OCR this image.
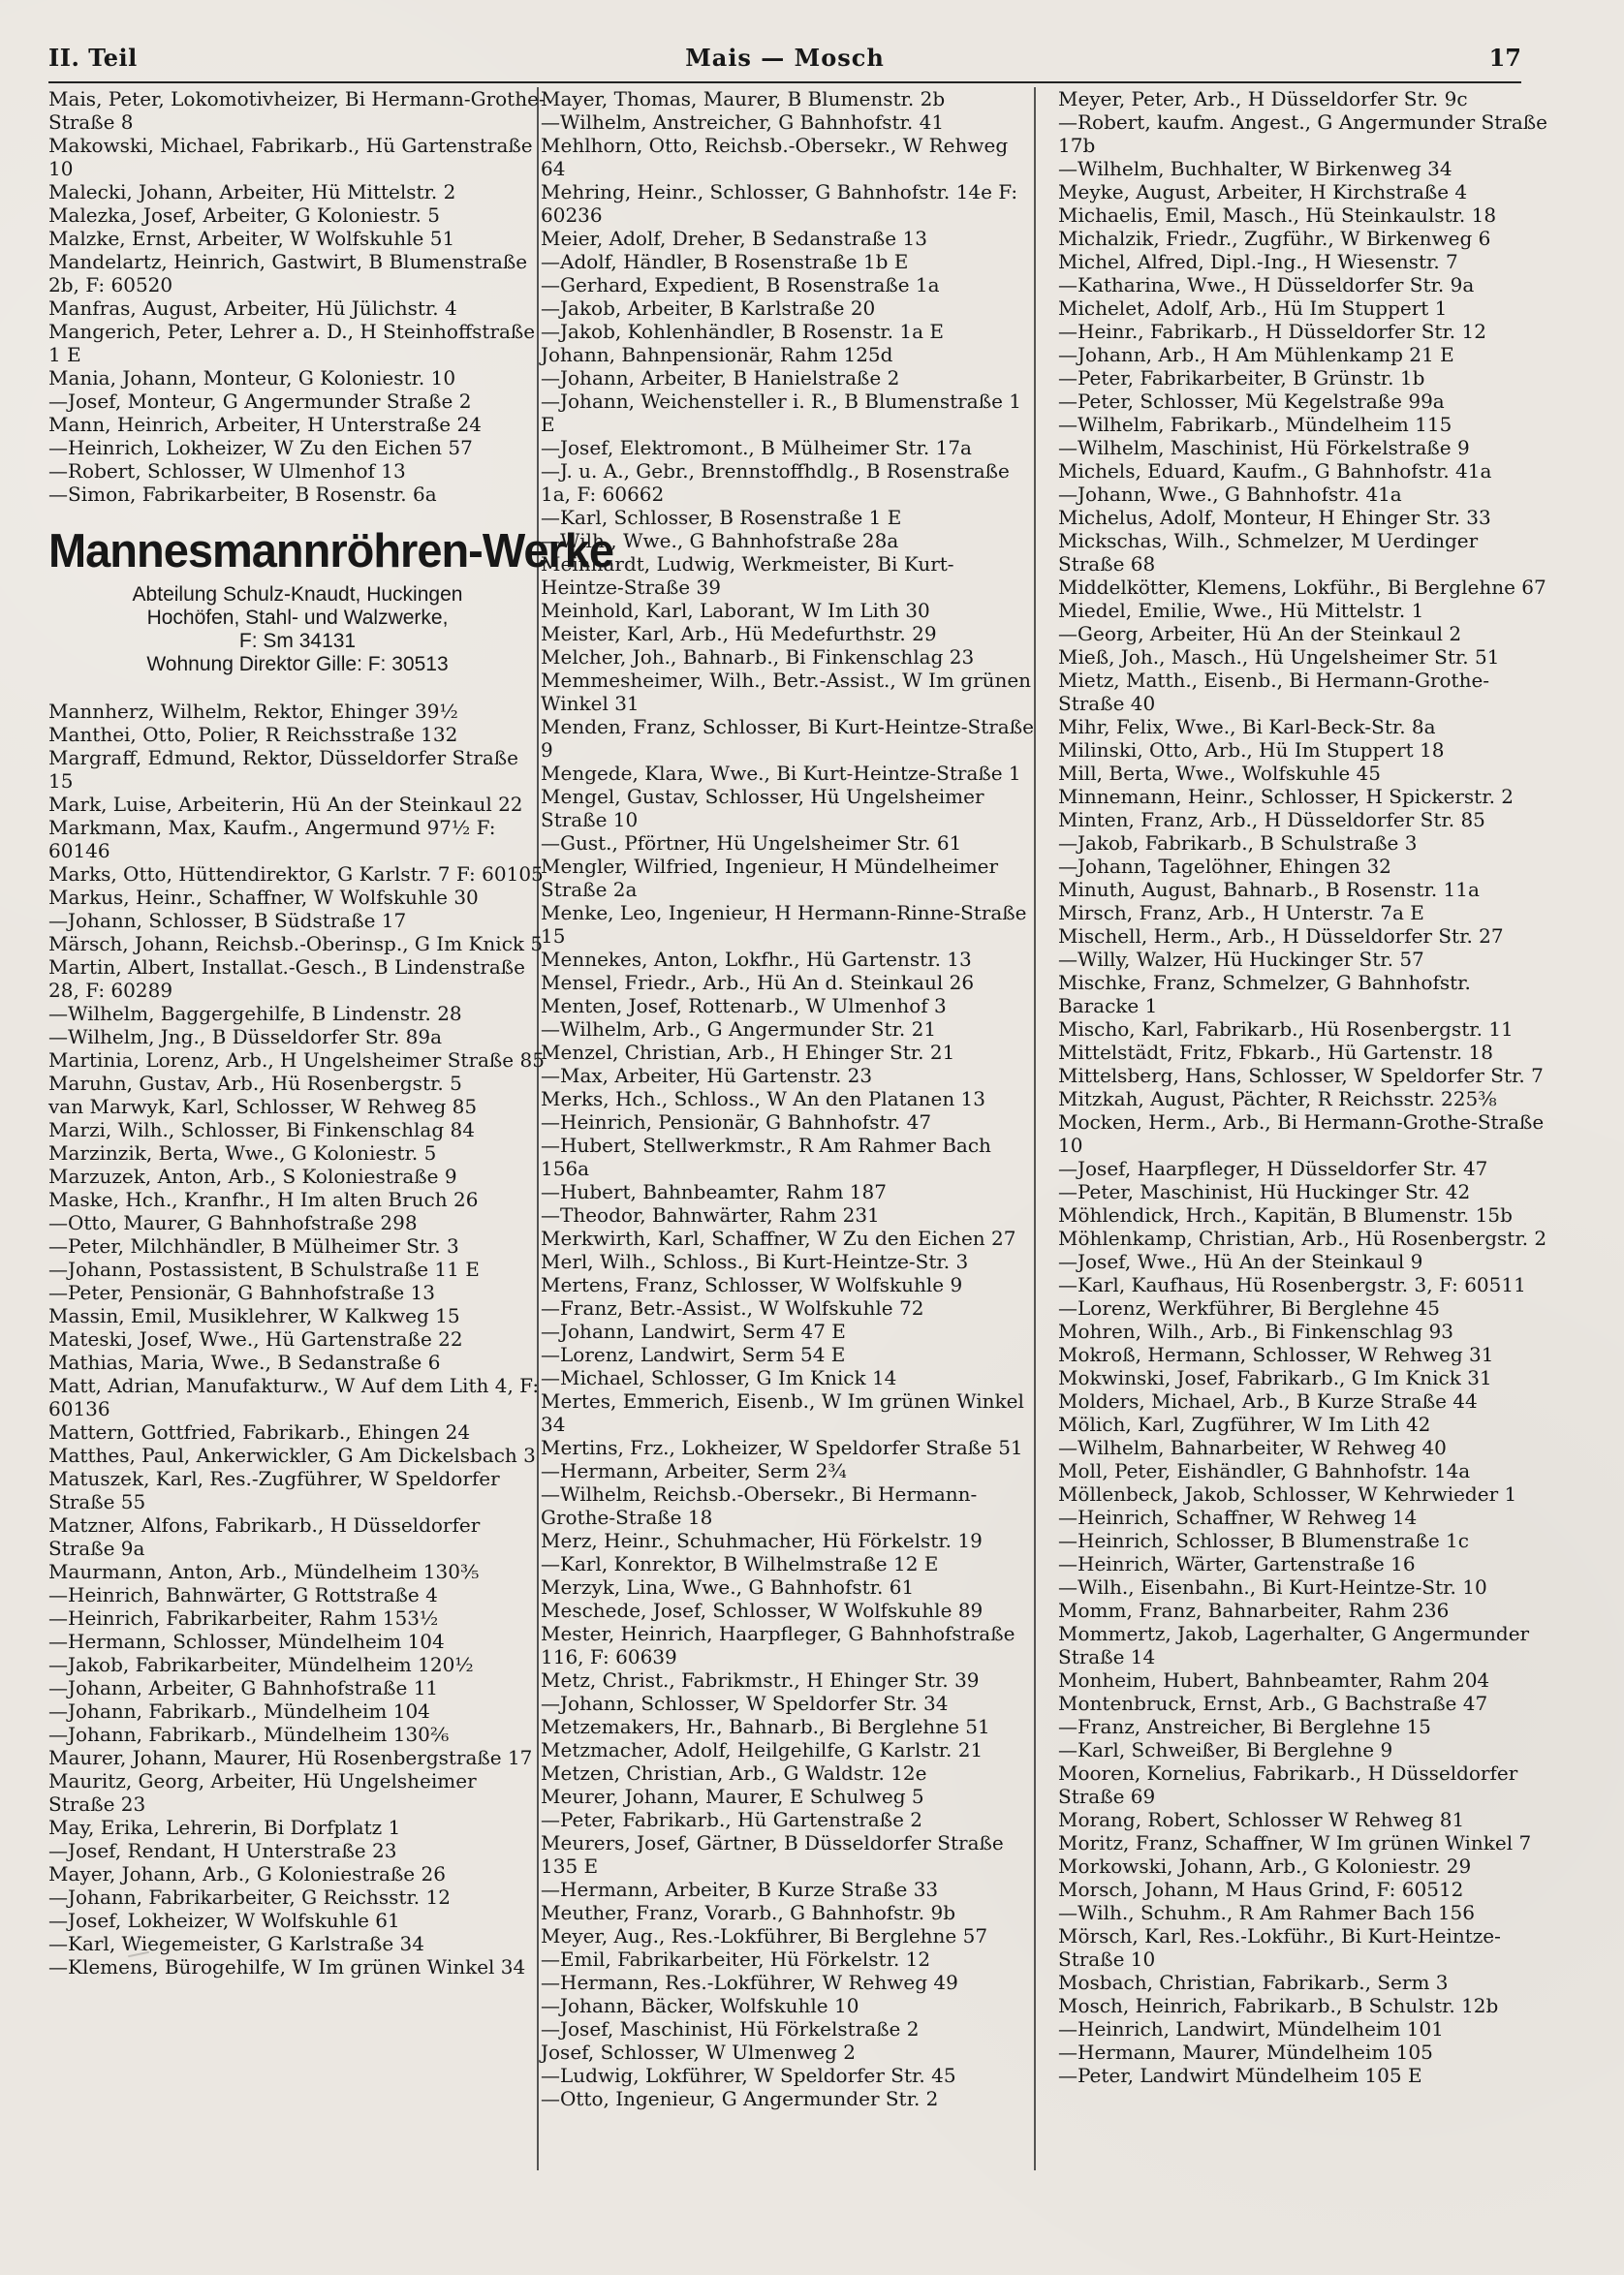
II. Teil	Mais — Mosch	17

Mais, Peter, Lokomotivheizer, Bi Hermann-Grothe-Straße 8

Makowski, Michael, Fabrikarb., Hü Gartenstraße 10

Malecki, Johann, Arbeiter, Hü Mittelstr. 2

Malezka, Josef, Arbeiter, G Koloniestr. 5

Malzke, Ernst, Arbeiter, W Wolfskuhle 51

Mandelartz, Heinrich, Gastwirt, B Blumenstraße 2b, F: 60520

Manfras, August, Arbeiter, Hü Jülichstr. 4

Mangerich, Peter, Lehrer a. D., H Steinhoffstraße 1 E

Mania, Johann, Monteur, G Koloniestr. 10

—Josef, Monteur, G Angermunder Straße 2

Mann, Heinrich, Arbeiter, H Unterstraße 24

—Heinrich, Lokheizer, W Zu den Eichen 57

—Robert, Schlosser, W Ulmenhof 13

—Simon, Fabrikarbeiter, B Rosenstr. 6a

Mannesmannröhren-Werke
Abteilung Schulz-Knaudt, Huckingen
Hochöfen, Stahl- und Walzwerke,
F: Sm 34131
Wohnung Direktor Gille: F: 30513

Mannherz, Wilhelm, Rektor, Ehinger 39½

Manthei, Otto, Polier, R Reichsstraße 132

Margraff, Edmund, Rektor, Düsseldorfer Straße 15

Mark, Luise, Arbeiterin, Hü An der Steinkaul 22

Markmann, Max, Kaufm., Angermund 97½ F: 60146

Marks, Otto, Hüttendirektor, G Karlstr. 7 F: 60105

Markus, Heinr., Schaffner, W Wolfskuhle 30

—Johann, Schlosser, B Südstraße 17

Märsch, Johann, Reichsb.-Oberinsp., G Im Knick 5

Martin, Albert, Installat.-Gesch., B Lindenstraße 28, F: 60289

—Wilhelm, Baggergehilfe, B Lindenstr. 28

—Wilhelm, Jng., B Düsseldorfer Str. 89a

Martinia, Lorenz, Arb., H Ungelsheimer Straße 85

Maruhn, Gustav, Arb., Hü Rosenbergstr. 5

van Marwyk, Karl, Schlosser, W Rehweg 85

Marzi, Wilh., Schlosser, Bi Finkenschlag 84

Marzinzik, Berta, Wwe., G Koloniestr. 5

Marzuzek, Anton, Arb., S Koloniestraße 9

Maske, Hch., Kranfhr., H Im alten Bruch 26

—Otto, Maurer, G Bahnhofstraße 298

—Peter, Milchhändler, B Mülheimer Str. 3

—Johann, Postassistent, B Schulstraße 11 E

—Peter, Pensionär, G Bahnhofstraße 13

Massin, Emil, Musiklehrer, W Kalkweg 15

Mateski, Josef, Wwe., Hü Gartenstraße 22

Mathias, Maria, Wwe., B Sedanstraße 6

Matt, Adrian, Manufakturw., W Auf dem Lith 4, F: 60136

Mattern, Gottfried, Fabrikarb., Ehingen 24

Matthes, Paul, Ankerwickler, G Am Dickelsbach 3

Matuszek, Karl, Res.-Zugführer, W Speldorfer Straße 55

Matzner, Alfons, Fabrikarb., H Düsseldorfer Straße 9a

Maurmann, Anton, Arb., Mündelheim 130³⁄₅

—Heinrich, Bahnwärter, G Rottstraße 4

—Heinrich, Fabrikarbeiter, Rahm 153½

—Hermann, Schlosser, Mündelheim 104

—Jakob, Fabrikarbeiter, Mündelheim 120½

—Johann, Arbeiter, G Bahnhofstraße 11

—Johann, Fabrikarb., Mündelheim 104

—Johann, Fabrikarb., Mündelheim 130²⁄₆

Maurer, Johann, Maurer, Hü Rosenbergstraße 17

Mauritz, Georg, Arbeiter, Hü Ungelsheimer Straße 23

May, Erika, Lehrerin, Bi Dorfplatz 1

—Josef, Rendant, H Unterstraße 23

Mayer, Johann, Arb., G Koloniestraße 26

—Johann, Fabrikarbeiter, G Reichsstr. 12

—Josef, Lokheizer, W Wolfskuhle 61

—Karl, Wiegemeister, G Karlstraße 34

—Klemens, Bürogehilfe, W Im grünen Winkel 34

Mayer, Thomas, Maurer, B Blumenstr. 2b

—Wilhelm, Anstreicher, G Bahnhofstr. 41

Mehlhorn, Otto, Reichsb.-Obersekr., W Rehweg 64

Mehring, Heinr., Schlosser, G Bahnhofstr. 14e F: 60236

Meier, Adolf, Dreher, B Sedanstraße 13

—Adolf, Händler, B Rosenstraße 1b E

—Gerhard, Expedient, B Rosenstraße 1a

—Jakob, Arbeiter, B Karlstraße 20

—Jakob, Kohlenhändler, B Rosenstr. 1a E

Johann, Bahnpensionär, Rahm 125d

—Johann, Arbeiter, B Hanielstraße 2

—Johann, Weichensteller i. R., B Blumenstraße 1 E

—Josef, Elektromont., B Mülheimer Str. 17a

—J. u. A., Gebr., Brennstoffhdlg., B Rosenstraße 1a, F: 60662

—Karl, Schlosser, B Rosenstraße 1 E

—Wilh., Wwe., G Bahnhofstraße 28a

Meinhardt, Ludwig, Werkmeister, Bi Kurt-Heintze-Straße 39

Meinhold, Karl, Laborant, W Im Lith 30

Meister, Karl, Arb., Hü Medefurthstr. 29

Melcher, Joh., Bahnarb., Bi Finkenschlag 23

Memmesheimer, Wilh., Betr.-Assist., W Im grünen Winkel 31

Menden, Franz, Schlosser, Bi Kurt-Heintze-Straße 9

Mengede, Klara, Wwe., Bi Kurt-Heintze-Straße 1

Mengel, Gustav, Schlosser, Hü Ungelsheimer Straße 10

—Gust., Pförtner, Hü Ungelsheimer Str. 61

Mengler, Wilfried, Ingenieur, H Mündelheimer Straße 2a

Menke, Leo, Ingenieur, H Hermann-Rinne-Straße 15

Mennekes, Anton, Lokfhr., Hü Gartenstr. 13

Mensel, Friedr., Arb., Hü An d. Steinkaul 26

Menten, Josef, Rottenarb., W Ulmenhof 3

—Wilhelm, Arb., G Angermunder Str. 21

Menzel, Christian, Arb., H Ehinger Str. 21

—Max, Arbeiter, Hü Gartenstr. 23

Merks, Hch., Schloss., W An den Platanen 13

—Heinrich, Pensionär, G Bahnhofstr. 47

—Hubert, Stellwerkmstr., R Am Rahmer Bach 156a

—Hubert, Bahnbeamter, Rahm 187

—Theodor, Bahnwärter, Rahm 231

Merkwirth, Karl, Schaffner, W Zu den Eichen 27

Merl, Wilh., Schloss., Bi Kurt-Heintze-Str. 3

Mertens, Franz, Schlosser, W Wolfskuhle 9

—Franz, Betr.-Assist., W Wolfskuhle 72

—Johann, Landwirt, Serm 47 E

—Lorenz, Landwirt, Serm 54 E

—Michael, Schlosser, G Im Knick 14

Mertes, Emmerich, Eisenb., W Im grünen Winkel 34

Mertins, Frz., Lokheizer, W Speldorfer Straße 51

—Hermann, Arbeiter, Serm 2¾

—Wilhelm, Reichsb.-Obersekr., Bi Hermann-Grothe-Straße 18

Merz, Heinr., Schuhmacher, Hü Förkelstr. 19

—Karl, Konrektor, B Wilhelmstraße 12 E

Merzyk, Lina, Wwe., G Bahnhofstr. 61

Meschede, Josef, Schlosser, W Wolfskuhle 89

Mester, Heinrich, Haarpfleger, G Bahnhofstraße 116, F: 60639

Metz, Christ., Fabrikmstr., H Ehinger Str. 39

—Johann, Schlosser, W Speldorfer Str. 34

Metzemakers, Hr., Bahnarb., Bi Berglehne 51

Metzmacher, Adolf, Heilgehilfe, G Karlstr. 21

Metzen, Christian, Arb., G Waldstr. 12e

Meurer, Johann, Maurer, E Schulweg 5

—Peter, Fabrikarb., Hü Gartenstraße 2

Meurers, Josef, Gärtner, B Düsseldorfer Straße 135 E

—Hermann, Arbeiter, B Kurze Straße 33

Meuther, Franz, Vorarb., G Bahnhofstr. 9b

Meyer, Aug., Res.-Lokführer, Bi Berglehne 57

—Emil, Fabrikarbeiter, Hü Förkelstr. 12

—Hermann, Res.-Lokführer, W Rehweg 49

—Johann, Bäcker, Wolfskuhle 10

—Josef, Maschinist, Hü Förkelstraße 2

Josef, Schlosser, W Ulmenweg 2

—Ludwig, Lokführer, W Speldorfer Str. 45

—Otto, Ingenieur, G Angermunder Str. 2

Meyer, Peter, Arb., H Düsseldorfer Str. 9c

—Robert, kaufm. Angest., G Angermunder Straße 17b

—Wilhelm, Buchhalter, W Birkenweg 34

Meyke, August, Arbeiter, H Kirchstraße 4

Michaelis, Emil, Masch., Hü Steinkaulstr. 18

Michalzik, Friedr., Zugführ., W Birkenweg 6

Michel, Alfred, Dipl.-Ing., H Wiesenstr. 7

—Katharina, Wwe., H Düsseldorfer Str. 9a

Michelet, Adolf, Arb., Hü Im Stuppert 1

—Heinr., Fabrikarb., H Düsseldorfer Str. 12

—Johann, Arb., H Am Mühlenkamp 21 E

—Peter, Fabrikarbeiter, B Grünstr. 1b

—Peter, Schlosser, Mü Kegelstraße 99a

—Wilhelm, Fabrikarb., Mündelheim 115

—Wilhelm, Maschinist, Hü Förkelstraße 9

Michels, Eduard, Kaufm., G Bahnhofstr. 41a

—Johann, Wwe., G Bahnhofstr. 41a

Michelus, Adolf, Monteur, H Ehinger Str. 33

Mickschas, Wilh., Schmelzer, M Uerdinger Straße 68

Middelkötter, Klemens, Lokführ., Bi Berglehne 67

Miedel, Emilie, Wwe., Hü Mittelstr. 1

—Georg, Arbeiter, Hü An der Steinkaul 2

Mieß, Joh., Masch., Hü Ungelsheimer Str. 51

Mietz, Matth., Eisenb., Bi Hermann-Grothe-Straße 40

Mihr, Felix, Wwe., Bi Karl-Beck-Str. 8a

Milinski, Otto, Arb., Hü Im Stuppert 18

Mill, Berta, Wwe., Wolfskuhle 45

Minnemann, Heinr., Schlosser, H Spickerstr. 2

Minten, Franz, Arb., H Düsseldorfer Str. 85

—Jakob, Fabrikarb., B Schulstraße 3

—Johann, Tagelöhner, Ehingen 32

Minuth, August, Bahnarb., B Rosenstr. 11a

Mirsch, Franz, Arb., H Unterstr. 7a E

Mischell, Herm., Arb., H Düsseldorfer Str. 27

—Willy, Walzer, Hü Huckinger Str. 57

Mischke, Franz, Schmelzer, G Bahnhofstr. Baracke 1

Mischo, Karl, Fabrikarb., Hü Rosenbergstr. 11

Mittelstädt, Fritz, Fbkarb., Hü Gartenstr. 18

Mittelsberg, Hans, Schlosser, W Speldorfer Str. 7

Mitzkah, August, Pächter, R Reichsstr. 225⅜

Mocken, Herm., Arb., Bi Hermann-Grothe-Straße 10

—Josef, Haarpfleger, H Düsseldorfer Str. 47

—Peter, Maschinist, Hü Huckinger Str. 42

Möhlendick, Hrch., Kapitän, B Blumenstr. 15b

Möhlenkamp, Christian, Arb., Hü Rosenbergstr. 2

—Josef, Wwe., Hü An der Steinkaul 9

—Karl, Kaufhaus, Hü Rosenbergstr. 3, F: 60511

—Lorenz, Werkführer, Bi Berglehne 45

Mohren, Wilh., Arb., Bi Finkenschlag 93

Mokroß, Hermann, Schlosser, W Rehweg 31

Mokwinski, Josef, Fabrikarb., G Im Knick 31

Molders, Michael, Arb., B Kurze Straße 44

Mölich, Karl, Zugführer, W Im Lith 42

—Wilhelm, Bahnarbeiter, W Rehweg 40

Moll, Peter, Eishändler, G Bahnhofstr. 14a

Möllenbeck, Jakob, Schlosser, W Kehrwieder 1

—Heinrich, Schaffner, W Rehweg 14

—Heinrich, Schlosser, B Blumenstraße 1c

—Heinrich, Wärter, Gartenstraße 16

—Wilh., Eisenbahn., Bi Kurt-Heintze-Str. 10

Momm, Franz, Bahnarbeiter, Rahm 236

Mommertz, Jakob, Lagerhalter, G Angermunder Straße 14

Monheim, Hubert, Bahnbeamter, Rahm 204

Montenbruck, Ernst, Arb., G Bachstraße 47

—Franz, Anstreicher, Bi Berglehne 15

—Karl, Schweißer, Bi Berglehne 9

Mooren, Kornelius, Fabrikarb., H Düsseldorfer Straße 69

Morang, Robert, Schlosser W Rehweg 81

Moritz, Franz, Schaffner, W Im grünen Winkel 7

Morkowski, Johann, Arb., G Koloniestr. 29

Morsch, Johann, M Haus Grind, F: 60512

—Wilh., Schuhm., R Am Rahmer Bach 156

Mörsch, Karl, Res.-Lokführ., Bi Kurt-Heintze-Straße 10

Mosbach, Christian, Fabrikarb., Serm 3

Mosch, Heinrich, Fabrikarb., B Schulstr. 12b

—Heinrich, Landwirt, Mündelheim 101

—Hermann, Maurer, Mündelheim 105

—Peter, Landwirt Mündelheim 105 E
